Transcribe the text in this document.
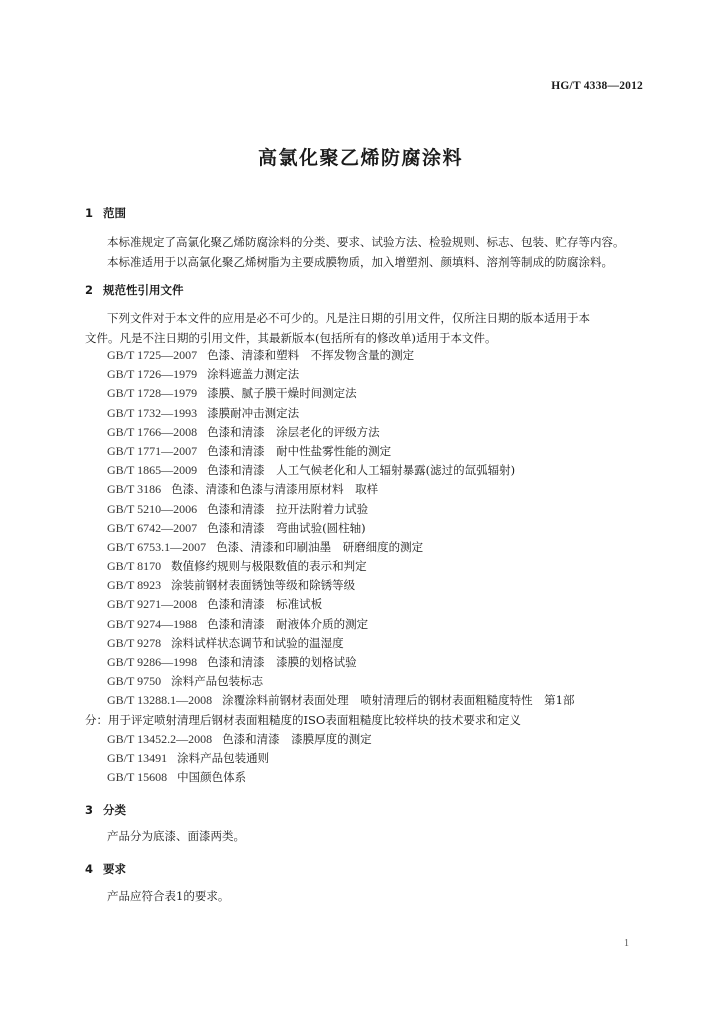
HG/T 4338—2012
高氯化聚乙烯防腐涂料
1 范围
本标准规定了高氯化聚乙烯防腐涂料的分类、要求、试验方法、检验规则、标志、包装、贮存等内容。
本标准适用于以高氯化聚乙烯树脂为主要成膜物质，加入增塑剂、颜填料、溶剂等制成的防腐涂料。
2 规范性引用文件
下列文件对于本文件的应用是必不可少的。凡是注日期的引用文件，仅所注日期的版本适用于本
文件。凡是不注日期的引用文件，其最新版本(包括所有的修改单)适用于本文件。
GB/T 1725—2007 色漆、清漆和塑料　不挥发物含量的测定
GB/T 1726—1979 涂料遮盖力测定法
GB/T 1728—1979 漆膜、腻子膜干燥时间测定法
GB/T 1732—1993 漆膜耐冲击测定法
GB/T 1766—2008 色漆和清漆　涂层老化的评级方法
GB/T 1771—2007 色漆和清漆　耐中性盐雾性能的测定
GB/T 1865—2009 色漆和清漆　人工气候老化和人工辐射暴露(滤过的氙弧辐射)
GB/T 3186 色漆、清漆和色漆与清漆用原材料　取样
GB/T 5210—2006 色漆和清漆　拉开法附着力试验
GB/T 6742—2007 色漆和清漆　弯曲试验(圆柱轴)
GB/T 6753.1—2007 色漆、清漆和印刷油墨　研磨细度的测定
GB/T 8170 数值修约规则与极限数值的表示和判定
GB/T 8923 涂装前钢材表面锈蚀等级和除锈等级
GB/T 9271—2008 色漆和清漆　标准试板
GB/T 9274—1988 色漆和清漆　耐液体介质的测定
GB/T 9278 涂料试样状态调节和试验的温湿度
GB/T 9286—1998 色漆和清漆　漆膜的划格试验
GB/T 9750 涂料产品包装标志
GB/T 13288.1—2008 涂覆涂料前钢材表面处理　喷射清理后的钢材表面粗糙度特性　第1部
分：用于评定喷射清理后钢材表面粗糙度的ISO表面粗糙度比较样块的技术要求和定义
GB/T 13452.2—2008 色漆和清漆　漆膜厚度的测定
GB/T 13491 涂料产品包装通则
GB/T 15608 中国颜色体系
3 分类
产品分为底漆、面漆两类。
4 要求
产品应符合表1的要求。
1
